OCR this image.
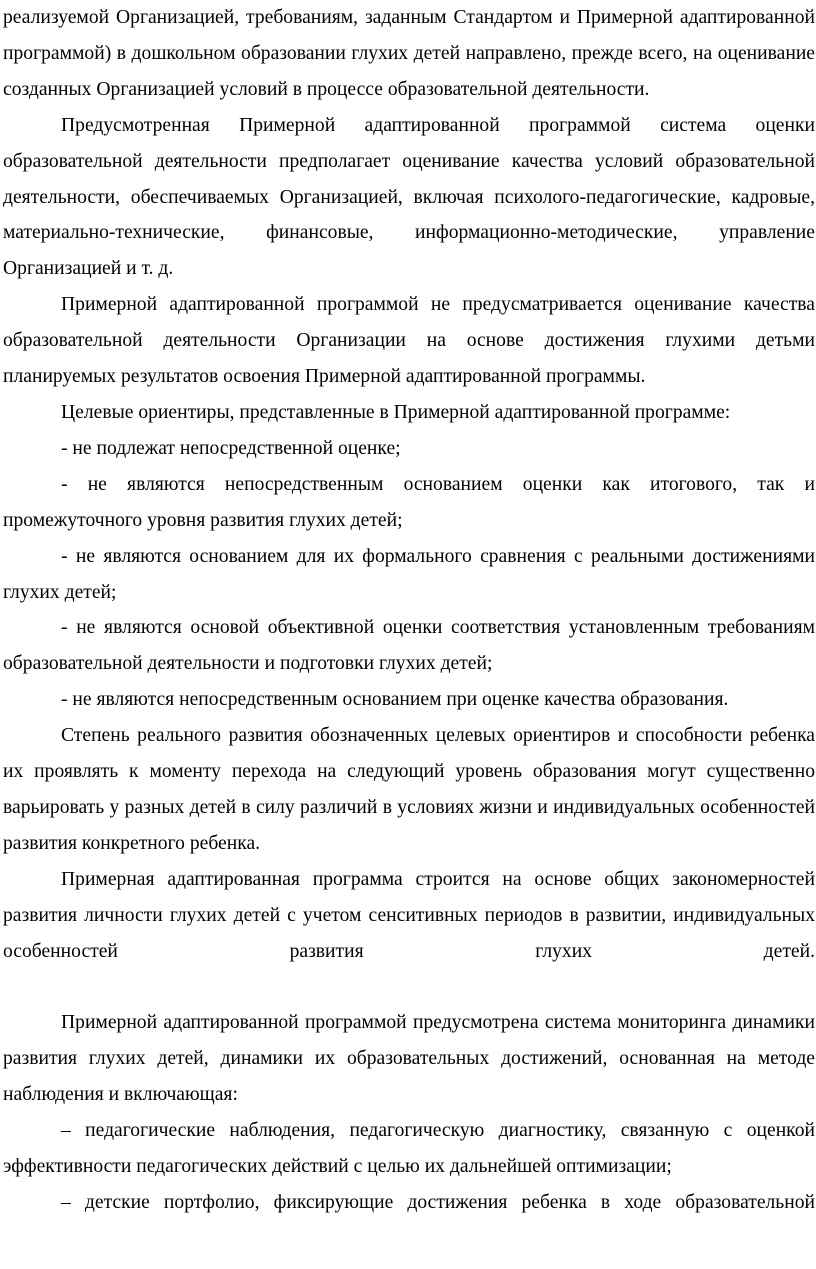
реализуемой Организацией, требованиям, заданным Стандартом и Примерной адаптированной программой) в дошкольном образовании глухих детей направлено, прежде всего, на оценивание созданных Организацией условий в процессе образовательной деятельности.

Предусмотренная Примерной адаптированной программой система оценки образовательной деятельности предполагает оценивание качества условий образовательной деятельности, обеспечиваемых Организацией, включая психолого-педагогические, кадровые, материально-технические, финансовые, информационно-методические, управление Организацией и т. д.

Примерной адаптированной программой не предусматривается оценивание качества образовательной деятельности Организации на основе достижения глухими детьми планируемых результатов освоения Примерной адаптированной программы.

Целевые ориентиры, представленные в Примерной адаптированной программе:

- не подлежат непосредственной оценке;

- не являются непосредственным основанием оценки как итогового, так и промежуточного уровня развития глухих детей;

- не являются основанием для их формального сравнения с реальными достижениями глухих детей;

- не являются основой объективной оценки соответствия установленным требованиям образовательной деятельности и подготовки глухих детей;

- не являются непосредственным основанием при оценке качества образования.

Степень реального развития обозначенных целевых ориентиров и способности ребенка их проявлять к моменту перехода на следующий уровень образования могут существенно варьировать у разных детей в силу различий в условиях жизни и индивидуальных особенностей развития конкретного ребенка.

Примерная адаптированная программа строится на основе общих закономерностей развития личности глухих детей с учетом сенситивных периодов в развитии, индивидуальных особенностей развития глухих детей.

Примерной адаптированной программой предусмотрена система мониторинга динамики развития глухих детей, динамики их образовательных достижений, основанная на методе наблюдения и включающая:

– педагогические наблюдения, педагогическую диагностику, связанную с оценкой эффективности педагогических действий с целью их дальнейшей оптимизации;

– детские портфолио, фиксирующие достижения ребенка в ходе образовательной
